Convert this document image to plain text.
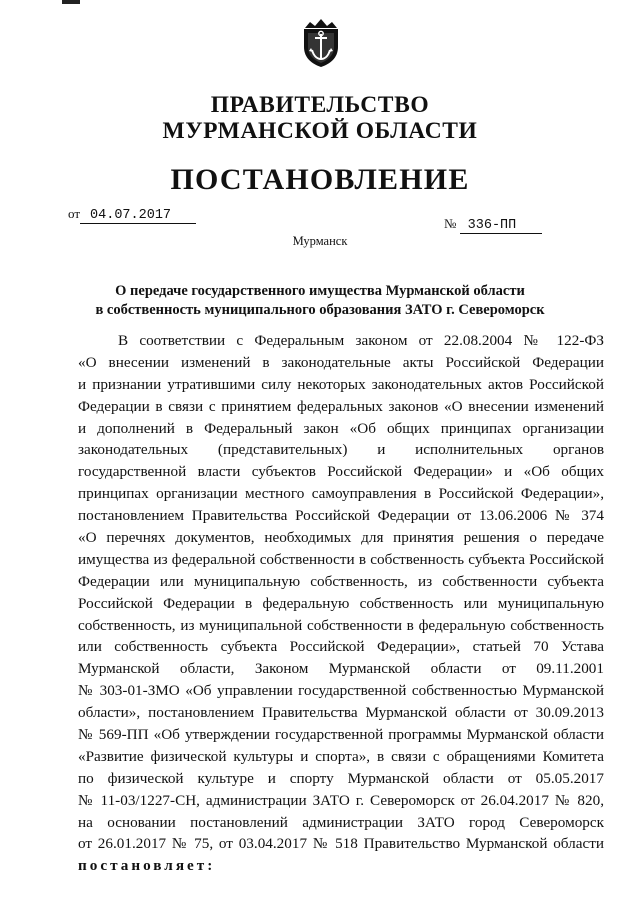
ПРАВИТЕЛЬСТВО
МУРМАНСКОЙ ОБЛАСТИ
ПОСТАНОВЛЕНИЕ
от 04.07.2017
№ 336-ПП
Мурманск
О передаче государственного имущества Мурманской области
в собственность муниципального образования ЗАТО г. Североморск
В соответствии с Федеральным законом от 22.08.2004 № 122-ФЗ
«О внесении изменений в законодательные акты Российской Федерации
и признании утратившими силу некоторых законодательных актов Российской
Федерации в связи с принятием федеральных законов «О внесении изменений
и дополнений в Федеральный закон «Об общих принципах организации
законодательных (представительных) и исполнительных органов
государственной власти субъектов Российской Федерации» и «Об общих
принципах организации местного самоуправления в Российской Федерации»,
постановлением Правительства Российской Федерации от 13.06.2006 № 374
«О перечнях документов, необходимых для принятия решения о передаче
имущества из федеральной собственности в собственность субъекта Российской
Федерации или муниципальную собственность, из собственности субъекта
Российской Федерации в федеральную собственность или муниципальную
собственность, из муниципальной собственности в федеральную собственность
или собственность субъекта Российской Федерации», статьей 70 Устава
Мурманской области, Законом Мурманской области от 09.11.2001
№ 303-01-ЗМО «Об управлении государственной собственностью Мурманской
области», постановлением Правительства Мурманской области от 30.09.2013
№ 569-ПП «Об утверждении государственной программы Мурманской области
«Развитие физической культуры и спорта», в связи с обращениями Комитета
по физической культуре и спорту Мурманской области от 05.05.2017
№ 11-03/1227-СН, администрации ЗАТО г. Североморск от 26.04.2017 № 820,
на основании постановлений администрации ЗАТО город Североморск
от 26.01.2017 № 75, от 03.04.2017 № 518 Правительство Мурманской области
постановляет:
